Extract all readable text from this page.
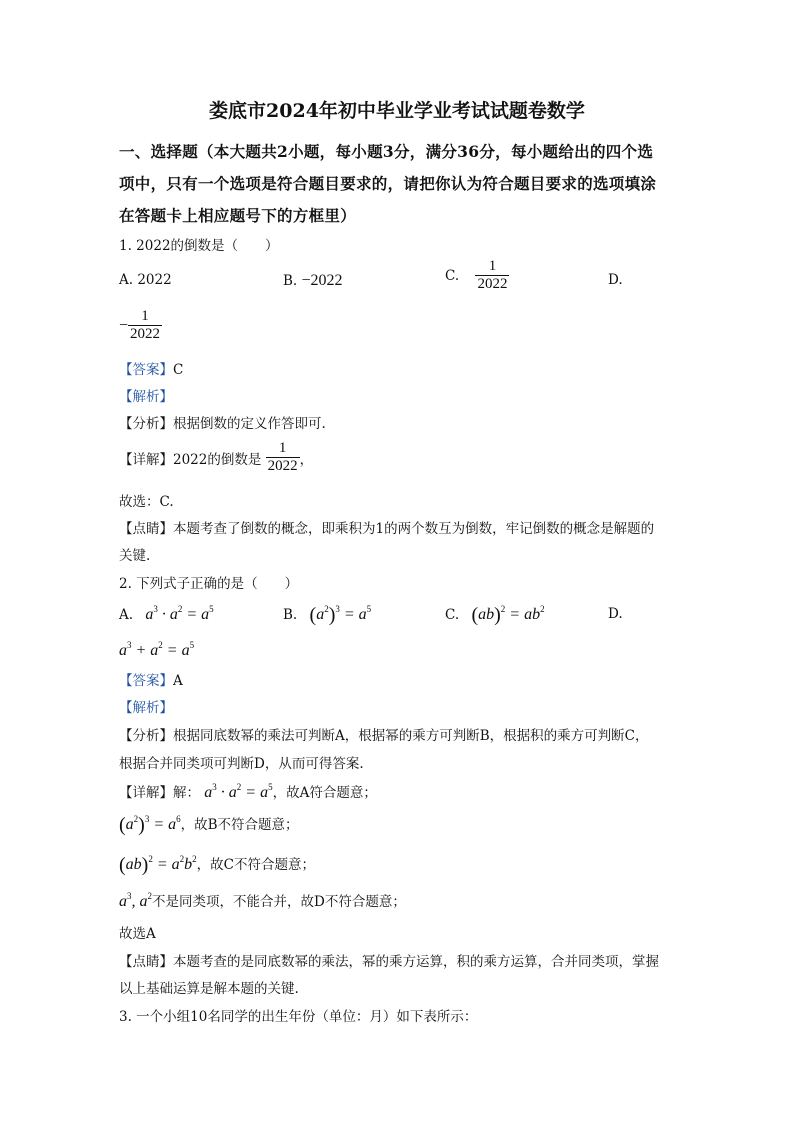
娄底市2024年初中毕业学业考试试题卷数学
一、选择题（本大题共2小题，每小题3分，满分36分，每小题给出的四个选
项中，只有一个选项是符合题目要求的，请把你认为符合题目要求的选项填涂
在答题卡上相应题号下的方框里）
1. 2022的倒数是（　　）
A. 2022	B. −2022	C. $\frac{1}{2022}$	D.
− $\frac{1}{2022}$
【答案】C
【解析】
【分析】根据倒数的定义作答即可.
【详解】2022的倒数是 $\frac{1}{2022}$ ，
故选：C.
【点睛】本题考查了倒数的概念，即乘积为1的两个数互为倒数，牢记倒数的概念是解题的
关键.
2. 下列式子正确的是（　　）
A. $a^3 \cdot a^2 = a^5$	B. $(a^2)^3 = a^5$	C. $(ab)^2 = ab^2$	D.
$a^3 + a^2 = a^5$
【答案】A
【解析】
【分析】根据同底数幂的乘法可判断A，根据幂的乘方可判断B，根据积的乘方可判断C，
根据合并同类项可判断D，从而可得答案.
【详解】解： $a^3 \cdot a^2 = a^5$，故A符合题意；
$(a^2)^3 = a^6$，故B不符合题意；
$(ab)^2 = a^2b^2$，故C不符合题意；
$a^3$, $a^2$不是同类项，不能合并，故D不符合题意；
故选A
【点睛】本题考查的是同底数幂的乘法，幂的乘方运算，积的乘方运算，合并同类项，掌握
以上基础运算是解本题的关键.
3. 一个小组10名同学的出生年份（单位：月）如下表所示：
